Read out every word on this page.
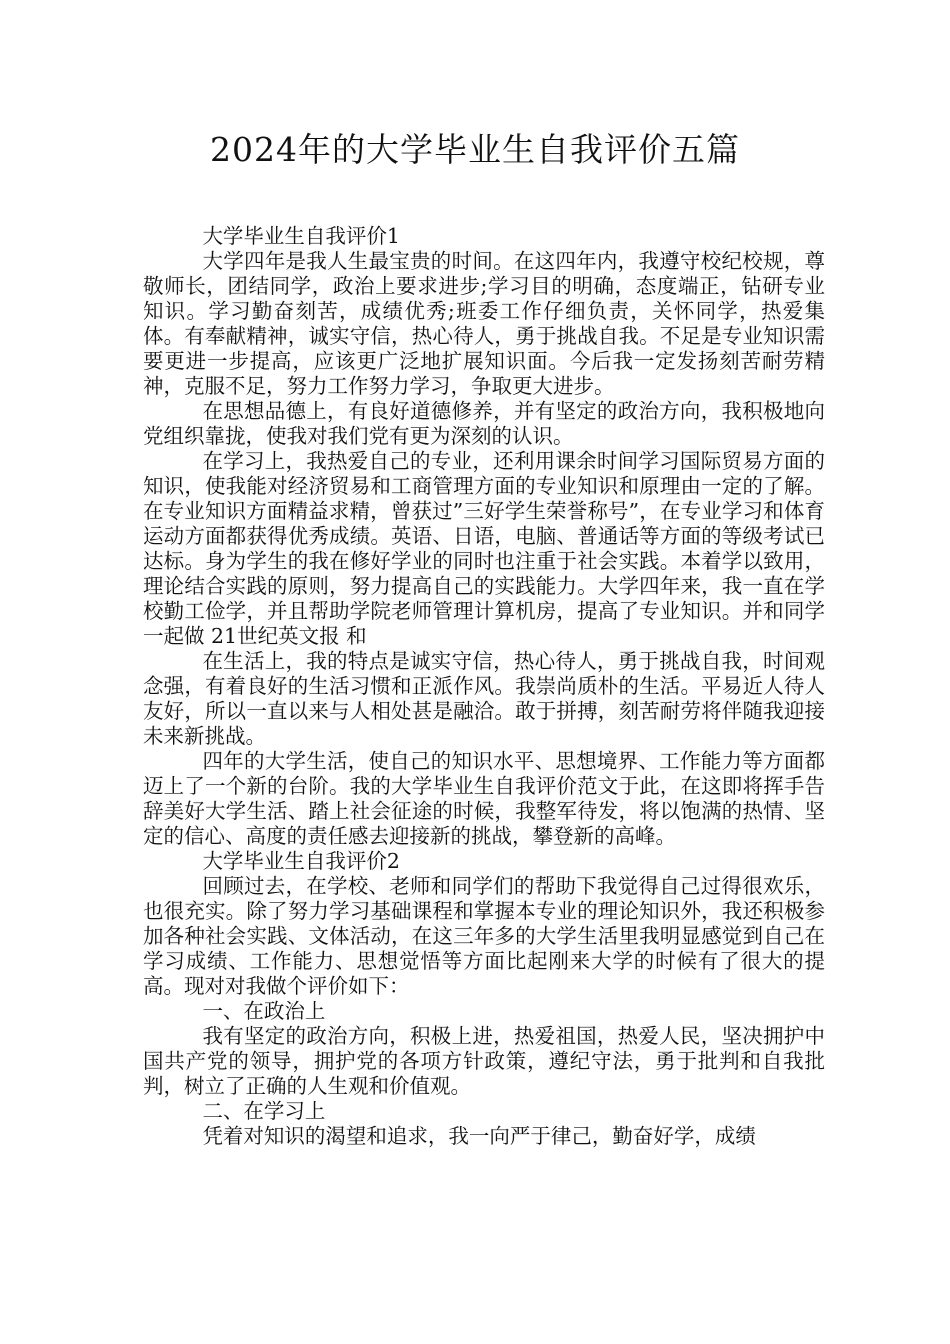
2024年的大学毕业生自我评价五篇

大学毕业生自我评价1

大学四年是我人生最宝贵的时间。在这四年内，我遵守校纪校规，尊敬师长，团结同学，政治上要求进步;学习目的明确，态度端正，钻研专业知识。学习勤奋刻苦，成绩优秀;班委工作仔细负责，关怀同学，热爱集体。有奉献精神，诚实守信，热心待人，勇于挑战自我。不足是专业知识需要更进一步提高，应该更广泛地扩展知识面。今后我一定发扬刻苦耐劳精神，克服不足，努力工作努力学习，争取更大进步。

在思想品德上，有良好道德修养，并有坚定的政治方向，我积极地向党组织靠拢，使我对我们党有更为深刻的认识。

在学习上，我热爱自己的专业，还利用课余时间学习国际贸易方面的知识，使我能对经济贸易和工商管理方面的专业知识和原理由一定的了解。在专业知识方面精益求精，曾获过”三好学生荣誉称号”，在专业学习和体育运动方面都获得优秀成绩。英语、日语，电脑、普通话等方面的等级考试已达标。身为学生的我在修好学业的同时也注重于社会实践。本着学以致用，理论结合实践的原则，努力提高自己的实践能力。大学四年来，我一直在学校勤工俭学，并且帮助学院老师管理计算机房，提高了专业知识。并和同学一起做 21世纪英文报 和

在生活上，我的特点是诚实守信，热心待人，勇于挑战自我，时间观念强，有着良好的生活习惯和正派作风。我崇尚质朴的生活。平易近人待人友好，所以一直以来与人相处甚是融洽。敢于拼搏，刻苦耐劳将伴随我迎接未来新挑战。

四年的大学生活，使自己的知识水平、思想境界、工作能力等方面都迈上了一个新的台阶。我的大学毕业生自我评价范文于此，在这即将挥手告辞美好大学生活、踏上社会征途的时候，我整军待发，将以饱满的热情、坚定的信心、高度的责任感去迎接新的挑战，攀登新的高峰。

大学毕业生自我评价2

回顾过去，在学校、老师和同学们的帮助下我觉得自己过得很欢乐，也很充实。除了努力学习基础课程和掌握本专业的理论知识外，我还积极参加各种社会实践、文体活动，在这三年多的大学生活里我明显感觉到自己在学习成绩、工作能力、思想觉悟等方面比起刚来大学的时候有了很大的提高。现对对我做个评价如下：

一、在政治上

我有坚定的政治方向，积极上进，热爱祖国，热爱人民，坚决拥护中国共产党的领导，拥护党的各项方针政策，遵纪守法，勇于批判和自我批判，树立了正确的人生观和价值观。

二、在学习上

凭着对知识的渴望和追求，我一向严于律己，勤奋好学，成绩
